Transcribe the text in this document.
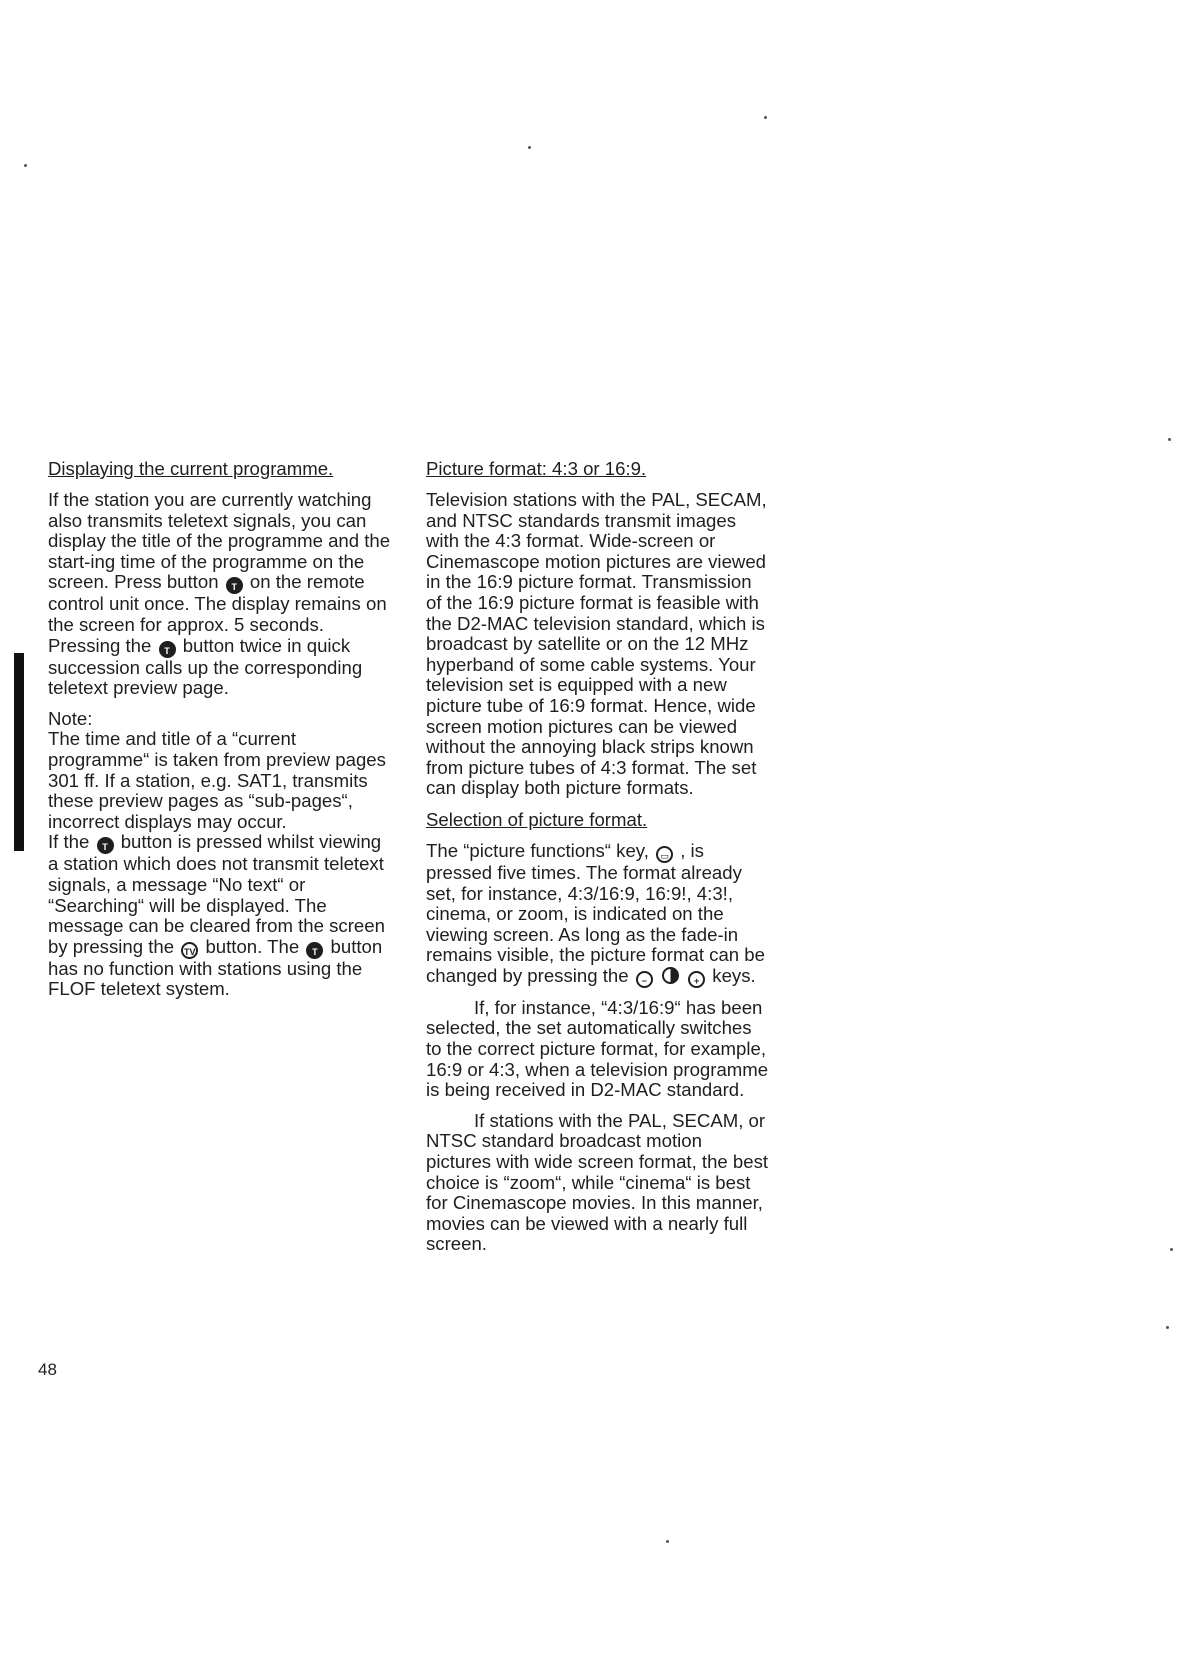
Displaying the current programme.

If the station you are currently watching also transmits teletext signals, you can display the title of the programme and the start-ing time of the programme on the screen. Press button T on the remote control unit once. The display remains on the screen for approx. 5 seconds.

Pressing the T button twice in quick succession calls up the corresponding teletext preview page.

Note:

The time and title of a “current programme“ is taken from preview pages 301 ff. If a station, e.g. SAT1, transmits these preview pages as “sub-pages“, incorrect displays may occur.

If the T button is pressed whilst viewing a station which does not transmit teletext signals, a message “No text“ or “Searching“ will be displayed. The message can be cleared from the screen by pressing the TV button. The T button has no function with stations using the FLOF teletext system.

Picture format: 4:3 or 16:9.

Television stations with the PAL, SECAM, and NTSC standards transmit images with the 4:3 format. Wide-screen or Cinemascope motion pictures are viewed in the 16:9 picture format. Transmission of the 16:9 picture format is feasible with the D2-MAC television standard, which is broadcast by satellite or on the 12 MHz hyperband of some cable systems. Your television set is equipped with a new picture tube of 16:9 format. Hence, wide screen motion pictures can be viewed without the annoying black strips known from picture tubes of 4:3 format. The set can display both picture formats.

Selection of picture format.

The “picture functions“ key, ▭ , is pressed five times. The format already set, for instance, 4:3/16:9, 16:9!, 4:3!, cinema, or zoom, is indicated on the viewing screen. As long as the fade-in remains visible, the picture format can be changed by pressing the −	+ keys.

If, for instance, “4:3/16:9“ has been selected, the set automatically switches to the correct picture format, for example, 16:9 or 4:3, when a television programme is being received in D2-MAC standard.

If stations with the PAL, SECAM, or NTSC standard broadcast motion pictures with wide screen format, the best choice is “zoom“, while “cinema“ is best for Cinemascope movies. In this manner, movies can be viewed with a nearly full screen.

48
